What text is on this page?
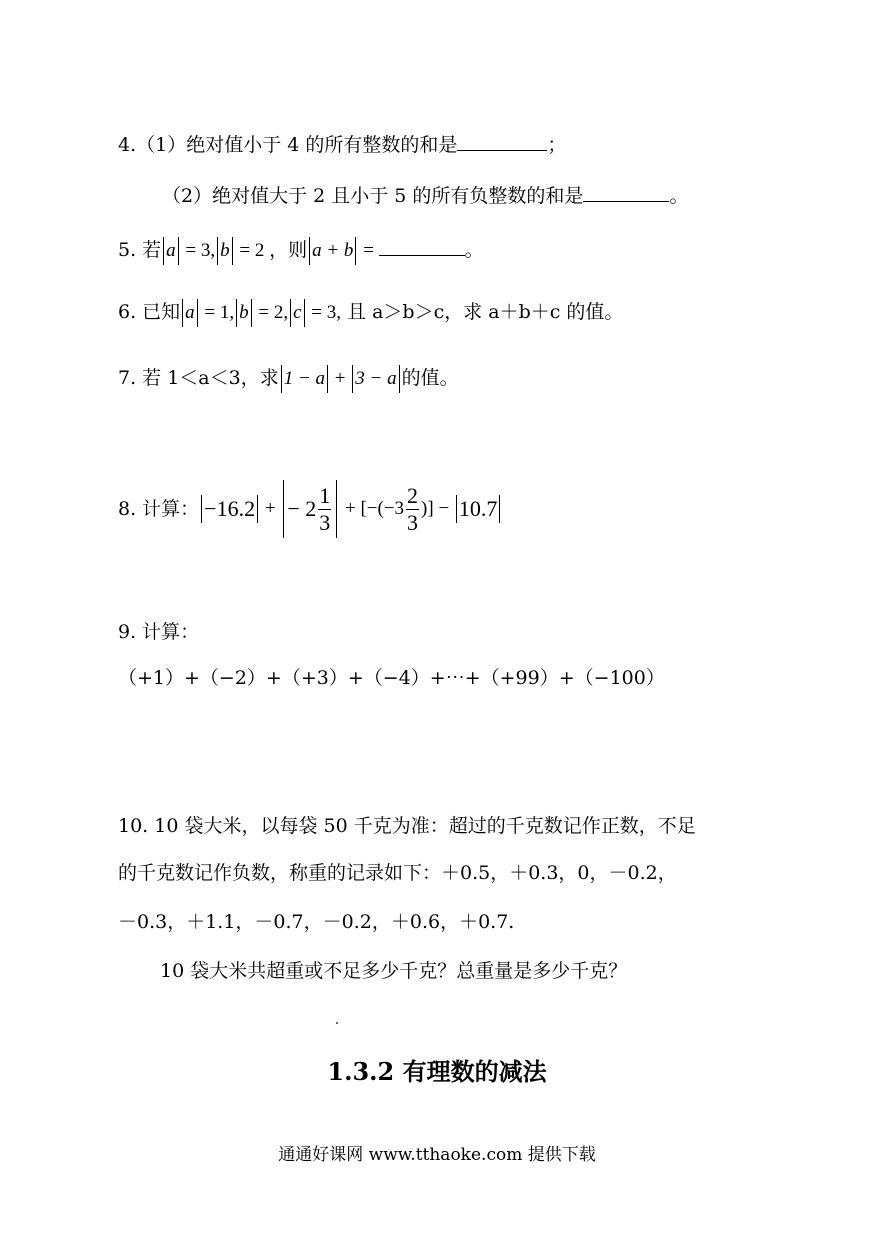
4.（1）绝对值小于 4 的所有整数的和是	；
（2）绝对值大于 2 且小于 5 的所有负整数的和是	。
5. 若 a = 3, b = 2 ，则 a + b =	。
6. 已知 a = 1, b = 2, c = 3, 且 a＞b＞c，求 a＋b＋c 的值。
7. 若 1＜a＜3，求 1 − a + 3 − a 的值。
8. 计算： −16.2 + − $2 \frac{1}{3} + [-(-3 \frac{2}{3}$ )] − 10.7
9. 计算：
（+1）+（−2）+（+3）+（−4）+⋯+（+99）+（−100）
10. 10 袋大米，以每袋 50 千克为准：超过的千克数记作正数，不足
的千克数记作负数，称重的记录如下：＋0.5，＋0.3，0，－0.2，
－0.3，＋1.1，－0.7，－0.2，＋0.6，＋0.7.
10 袋大米共超重或不足多少千克？总重量是多少千克？
1.3.2 有理数的减法
通通好课网 www.tthaoke.com 提供下载
